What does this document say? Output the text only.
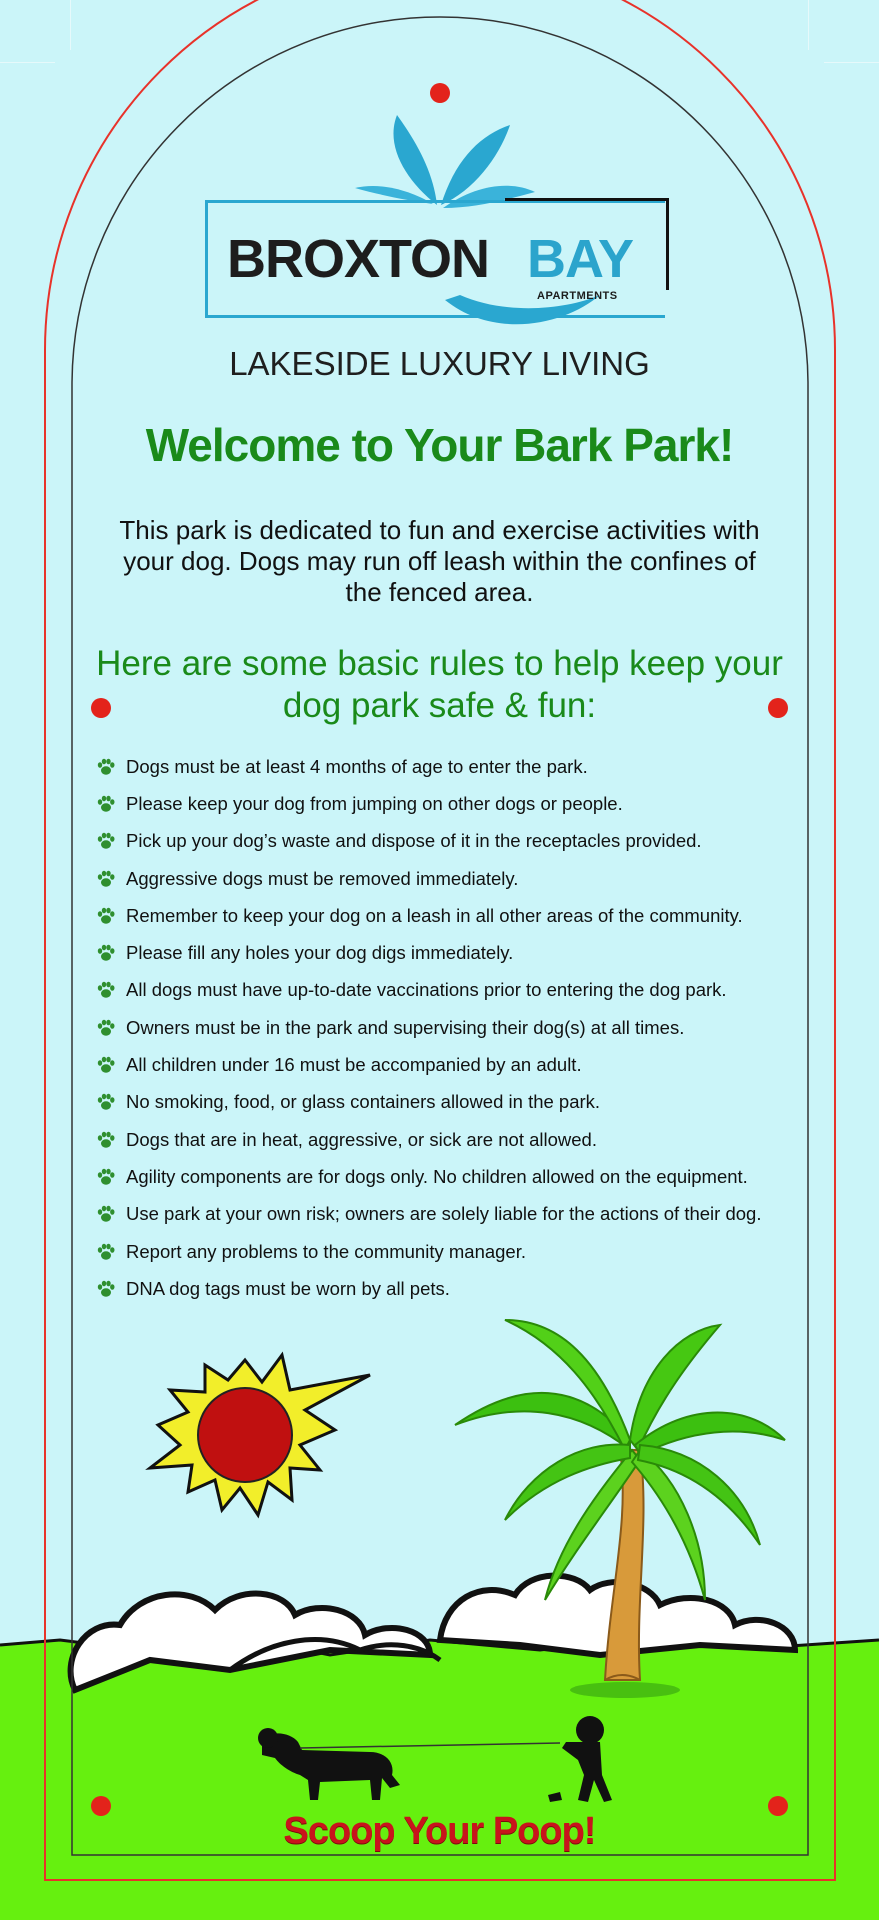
BROXTON BAY
APARTMENTS
LAKESIDE LUXURY LIVING
Welcome to Your Bark Park!
This park is dedicated to fun and exercise activities with your dog. Dogs may run off leash within the confines of the fenced area.
Here are some basic rules to help keep your dog park safe & fun:
Dogs must be at least 4 months of age to enter the park.
Please keep your dog from jumping on other dogs or people.
Pick up your dog’s waste and dispose of it in the receptacles provided.
Aggressive dogs must be removed immediately.
Remember to keep your dog on a leash in all other areas of the community.
Please fill any holes your dog digs immediately.
All dogs must have up-to-date vaccinations prior to entering the dog park.
Owners must be in the park and supervising their dog(s) at all times.
All children under 16 must be accompanied by an adult.
No smoking, food, or glass containers allowed in the park.
Dogs that are in heat, aggressive, or sick are not allowed.
Agility components are for dogs only. No children allowed on the equipment.
Use park at your own risk; owners are solely liable for the actions of their dog.
Report any problems to the community manager.
DNA dog tags must be worn by all pets.
Scoop Your Poop!
